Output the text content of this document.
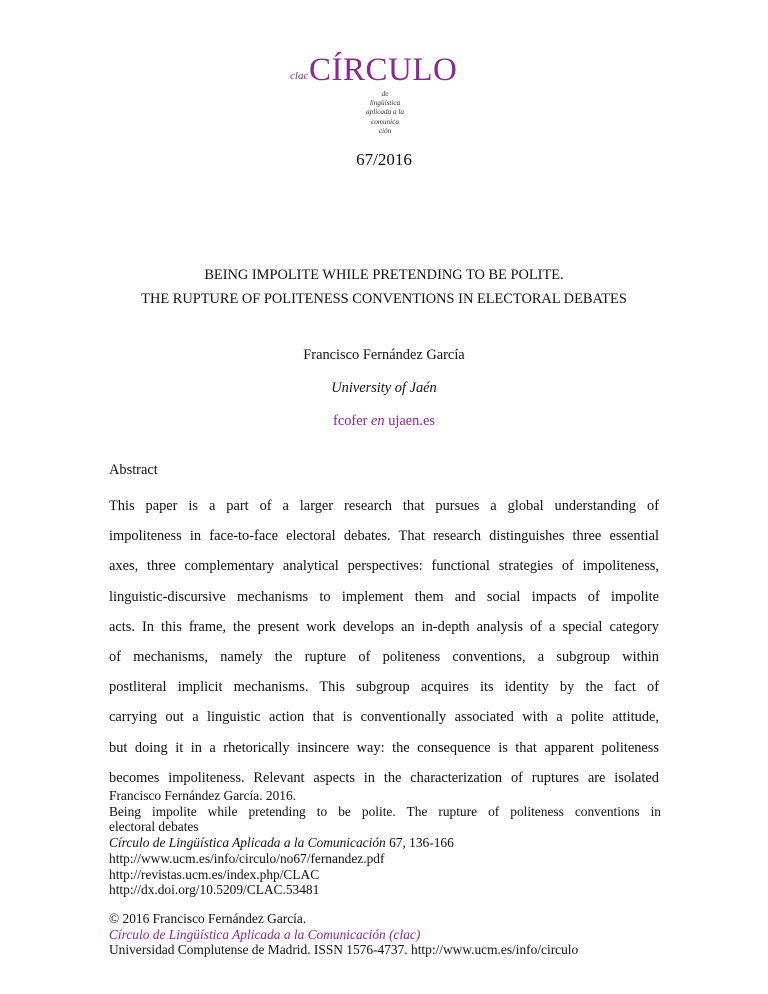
clac CÍRCULO
de
lingüística
aplicada a la
comunica
ción
67/2016
BEING IMPOLITE WHILE PRETENDING TO BE POLITE.
THE RUPTURE OF POLITENESS CONVENTIONS IN ELECTORAL DEBATES
Francisco Fernández García
University of Jaén
fcofer en ujaen.es
Abstract
This paper is a part of a larger research that pursues a global understanding of
impoliteness in face-to-face electoral debates. That research distinguishes three essential
axes, three complementary analytical perspectives: functional strategies of impoliteness,
linguistic-discursive mechanisms to implement them and social impacts of impolite
acts. In this frame, the present work develops an in-depth analysis of a special category
of mechanisms, namely the rupture of politeness conventions, a subgroup within
postliteral implicit mechanisms. This subgroup acquires its identity by the fact of
carrying out a linguistic action that is conventionally associated with a polite attitude,
but doing it in a rhetorically insincere way: the consequence is that apparent politeness
becomes impoliteness. Relevant aspects in the characterization of ruptures are isolated
Francisco Fernández García. 2016.
Being impolite while pretending to be polite. The rupture of politeness conventions in
electoral debates
Círculo de Lingüística Aplicada a la Comunicación 67, 136-166
http://www.ucm.es/info/circulo/no67/fernandez.pdf
http://revistas.ucm.es/index.php/CLAC
http://dx.doi.org/10.5209/CLAC.53481
© 2016 Francisco Fernández García.
Círculo de Lingüística Aplicada a la Comunicación (clac)
Universidad Complutense de Madrid. ISSN 1576-4737. http://www.ucm.es/info/circulo
